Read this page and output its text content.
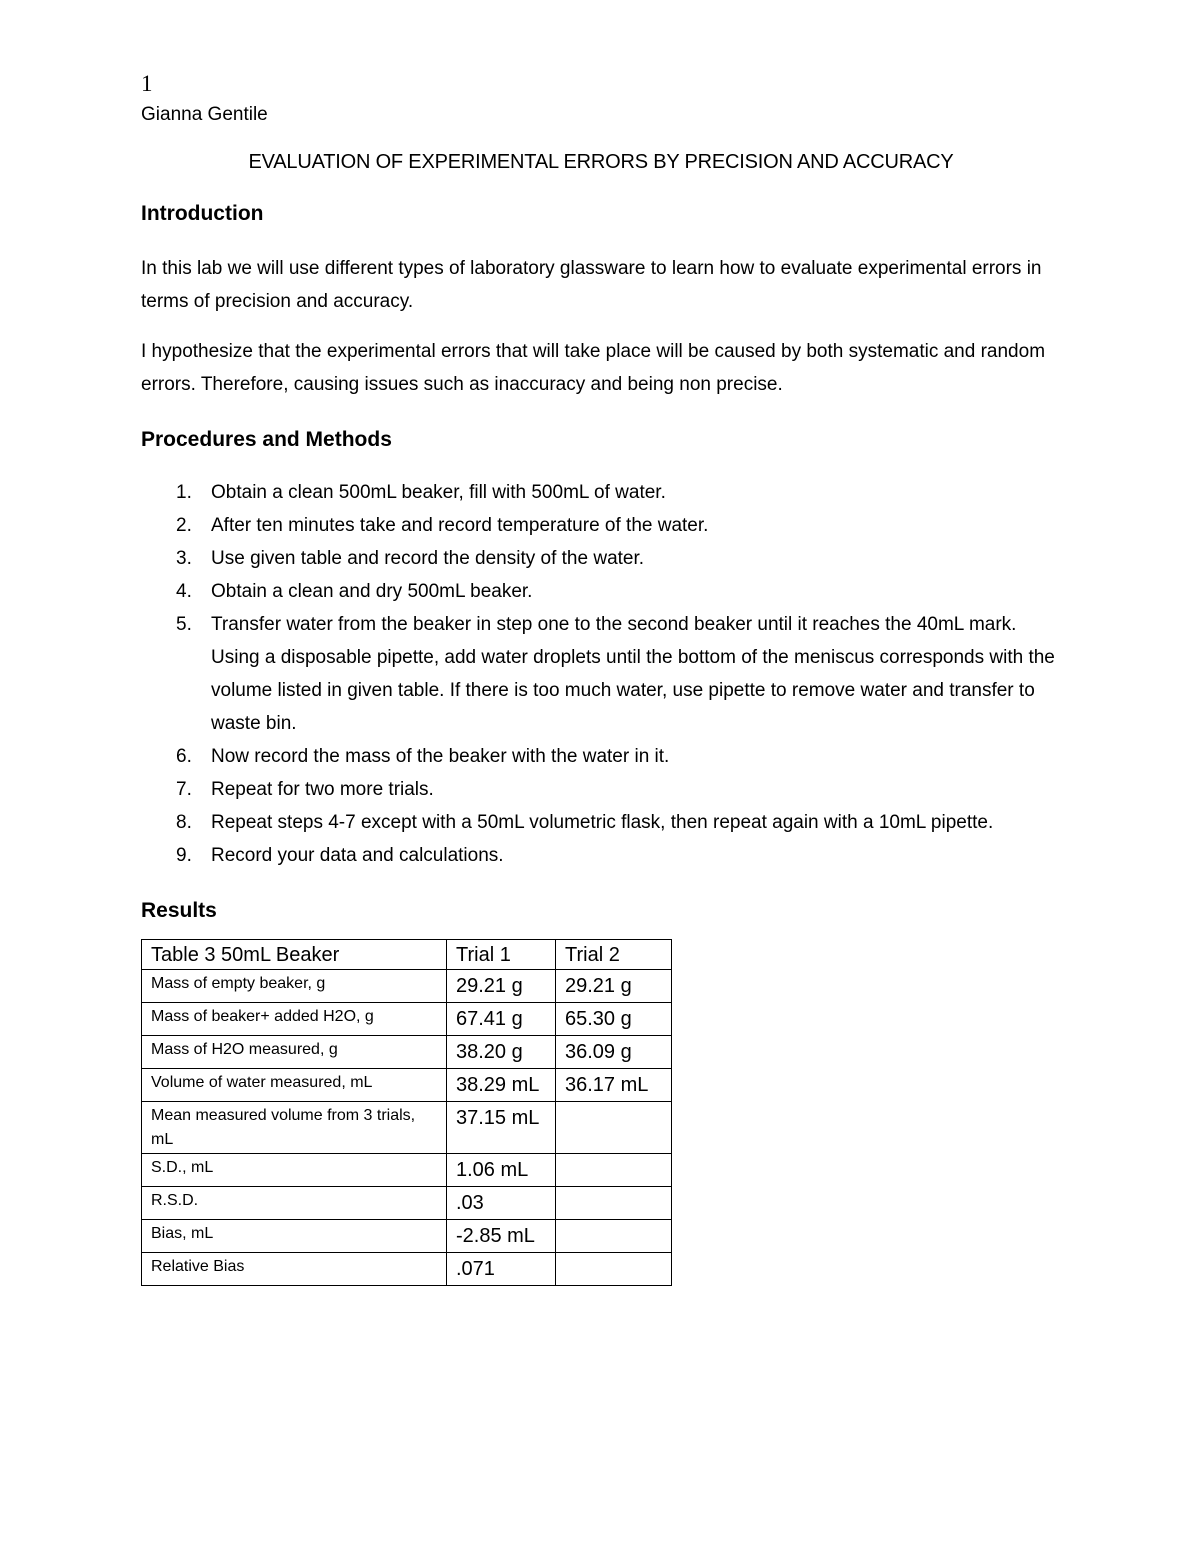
1

Gianna Gentile

EVALUATION OF EXPERIMENTAL ERRORS BY PRECISION AND ACCURACY

Introduction

In this lab we will use different types of laboratory glassware to learn how to evaluate experimental errors in terms of precision and accuracy.

I hypothesize that the experimental errors that will take place will be caused by both systematic and random errors. Therefore, causing issues such as inaccuracy and being non precise.

Procedures and Methods
1. Obtain a clean 500mL beaker, fill with 500mL of water.
2. After ten minutes take and record temperature of the water.
3. Use given table and record the density of the water.
4. Obtain a clean and dry 500mL beaker.
5. Transfer water from the beaker in step one to the second beaker until it reaches the 40mL mark. Using a disposable pipette, add water droplets until the bottom of the meniscus corresponds with the volume listed in given table. If there is too much water, use pipette to remove water and transfer to waste bin.
6. Now record the mass of the beaker with the water in it.
7. Repeat for two more trials.
8. Repeat steps 4-7 except with a 50mL volumetric flask, then repeat again with a 10mL pipette.
9. Record your data and calculations.
Results
Table 3 50mL Beaker	Trial 1	Trial 2
Mass of empty beaker, g	29.21 g	29.21 g
Mass of beaker+ added H2O, g	67.41 g	65.30 g
Mass of H2O measured, g	38.20 g	36.09 g
Volume of water measured, mL	38.29 mL	36.17 mL
Mean measured volume from 3 trials, mL	37.15 mL	
S.D., mL	1.06 mL	
R.S.D.	.03	
Bias, mL	-2.85 mL	
Relative Bias	.071	
